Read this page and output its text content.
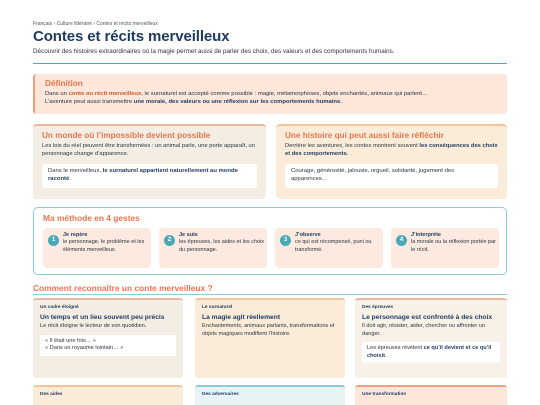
Français › Culture littéraire › Contes et récits merveilleux
Contes et récits merveilleux
Découvrir des histoires extraordinaires où la magie permet aussi de parler des choix, des valeurs et des comportements humains.
Définition

Dans un conte ou récit merveilleux, le surnaturel est accepté comme possible : magie, métamorphoses, objets enchantés, animaux qui parlent…

L’aventure peut aussi transmettre une morale, des valeurs ou une réflexion sur les comportements humains.

Un monde où l’impossible devient possible

Les lois du réel peuvent être transformées : un animal parle, une porte apparaît, un personnage change d’apparence.

Dans le merveilleux, le surnaturel appartient naturellement au monde raconté.
Une histoire qui peut aussi faire réfléchir

Derrière les aventures, les contes montrent souvent les conséquences des choix et des comportements.

Courage, générosité, jalousie, orgueil, solidarité, jugement des apparences…
Ma méthode en 4 gestes
1
Je repère
le personnage, le problème et les éléments merveilleux.
2
Je suis
les épreuves, les aides et les choix du personnage.
3
J’observe
ce qui est récompensé, puni ou transformé.
4
J’interprète
la morale ou la réflexion portée par le récit.
Comment reconnaître un conte merveilleux ?
Un cadre éloigné
Un temps et un lieu souvent peu précis

Le récit éloigne le lecteur de son quotidien.

« Il était une fois… »
« Dans un royaume lointain… »
Le surnaturel
La magie agit réellement

Enchantements, animaux parlants, transformations et objets magiques modifient l’histoire.

Des épreuves
Le personnage est confronté à des choix

Il doit agir, résister, aider, chercher ou affronter un danger.

Les épreuves révèlent ce qu’il devient et ce qu’il choisit.
Des aides	Des adversaires	Une transformation
